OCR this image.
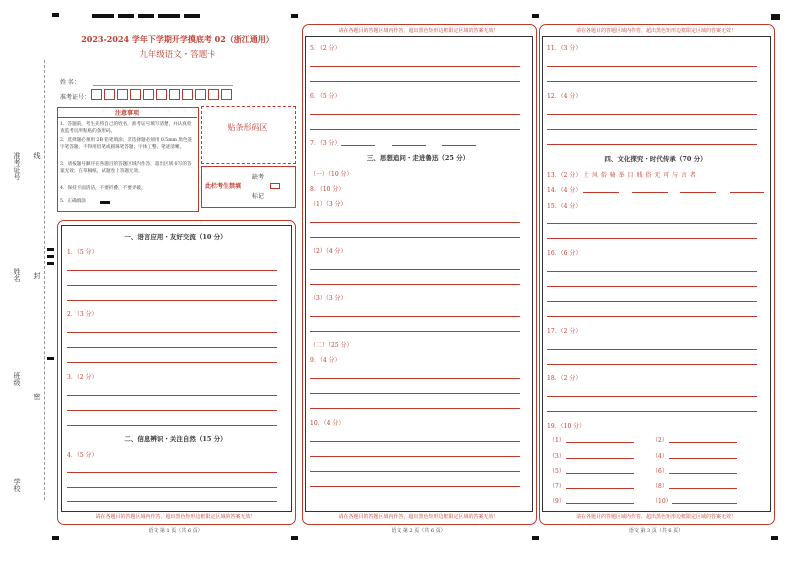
准考证号 线
姓名 封
班级
密
学校
2023-2024 学年下学期开学摸底考 02（浙江通用）
九年级语文・答题卡
姓 名：
准考证号：
注意事项
1．答题前，考生先将自己的姓名，准考证号填写清楚，并认真检查监考员所粘贴的条形码。
2．选择题必须用 2B 铅笔填涂；非选择题必须用 0.5mm 黑色签字笔答题，不得用铅笔或圆珠笔答题；字体工整、笔迹清晰。
3．请按题号顺序在各题目的答题区域内作答，超出区域书写的答案无效；在草稿纸、试题卷上答题无效。
4．保持卡面清洁，不要折叠、不要弄破。
5．正确填涂
贴条形码区
此栏考生禁填
缺考
标记
一、语言应用・友好交流（10 分）
1．（5 分）
2．（3 分）
3．（2 分）
二、信息辨识・关注自然（15 分）
4．（5 分）
请在各题目的答题区域内作答，超出黑色矩形边框限定区域的答案无效！
请在各题目的答题区域内作答，超出黑色矩形边框限定区域的答案无效！
5．（2 分）
6．（5 分）
7．（3 分）
三、思想追问・走进鲁迅（25 分）
（一）（10 分）
8．（10 分）
（1）（3 分）
（2）（4 分）
（3）（3 分）
（二）（25 分）
9．（4 分）
10．（4 分）
请在各题目的答题区域内作答，超出黑色矩形边框限定区域的答案无效！
请在各题目的答题区域内作答，超出黑色矩形边框限定区域的答案无效！
11．（3 分）
12．（4 分）
四、文化探究・时代传承（70 分）
13．（2 分） 土 风 俗 骑 举 目 贱 俗 无 可 与 言 者
14．（4 分）
15．（4 分）
16．（6 分）
17．（2 分）
18．（2 分）
19．（10 分）
（1）	（2）
（3）	（4）
（5）	（6）
（7）	（8）
（9）	（10）
请在各题目的答题区域内作答，超出黑色矩形边框限定区域的答案无效！
语文 第 1 页（共 6 页）	语文 第 2 页（共 6 页）	语文 第 3 页（共 6 页）
